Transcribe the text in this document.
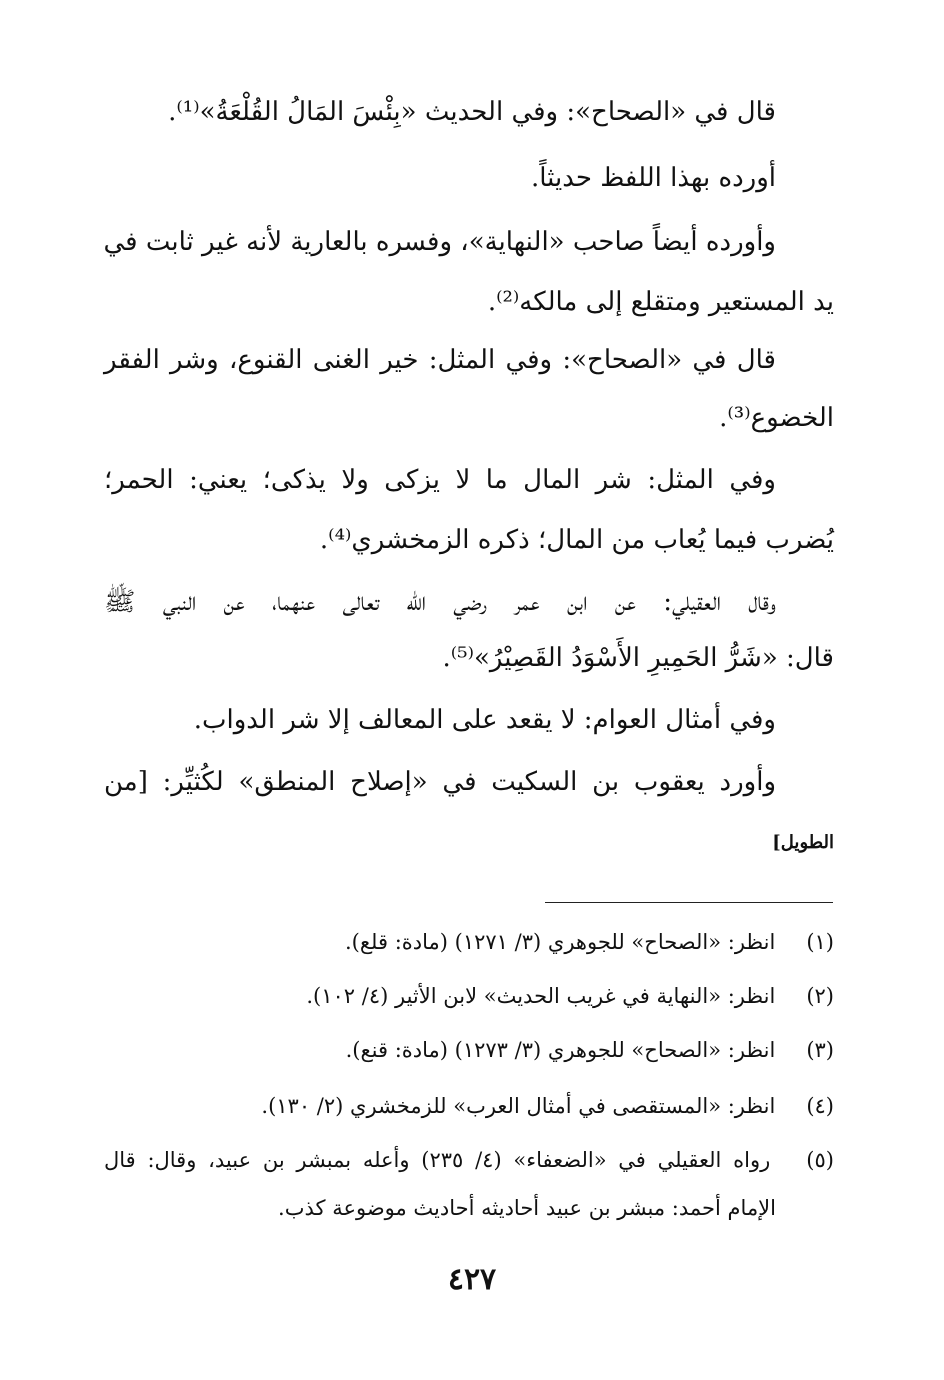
قال في «الصحاح»: وفي الحديث «بِئْسَ المَالُ القُلْعَةُ»⁽¹⁾.
أورده بهذا اللفظ حديثاً.
وأورده أيضاً صاحب «النهاية»، وفسره بالعارية لأنه غير ثابت في
يد المستعير ومتقلع إلى مالكه⁽²⁾.
قال في «الصحاح»: وفي المثل: خير الغنى القنوع، وشر الفقر
الخضوع⁽³⁾.
وفي المثل: شر المال ما لا يزكى ولا يذكى؛ يعني: الحمر؛
يُضرب فيما يُعاب من المال؛ ذكره الزمخشري⁽⁴⁾.
وقال العقيلي: عن ابن عمر رضي الله تعالى عنهما، عن النبي ﷺ
قال: «شَرُّ الحَمِيرِ الأَسْوَدُ القَصِيْرُ»⁽⁵⁾.
وفي أمثال العوام: لا يقعد على المعالف إلا شر الدواب.
وأورد يعقوب بن السكيت في «إصلاح المنطق» لكُثيِّر: [من
الطويل]
(١) انظر: «الصحاح» للجوهري (٣/ ١٢٧١) (مادة: قلع).
(٢) انظر: «النهاية في غريب الحديث» لابن الأثير (٤/ ١٠٢).
(٣) انظر: «الصحاح» للجوهري (٣/ ١٢٧٣) (مادة: قنع).
(٤) انظر: «المستقصى في أمثال العرب» للزمخشري (٢/ ١٣٠).
(٥) رواه العقيلي في «الضعفاء» (٤/ ٢٣٥) وأعله بمبشر بن عبيد، وقال: قال
الإمام أحمد: مبشر بن عبيد أحاديثه أحاديث موضوعة كذب.
٤٢٧
